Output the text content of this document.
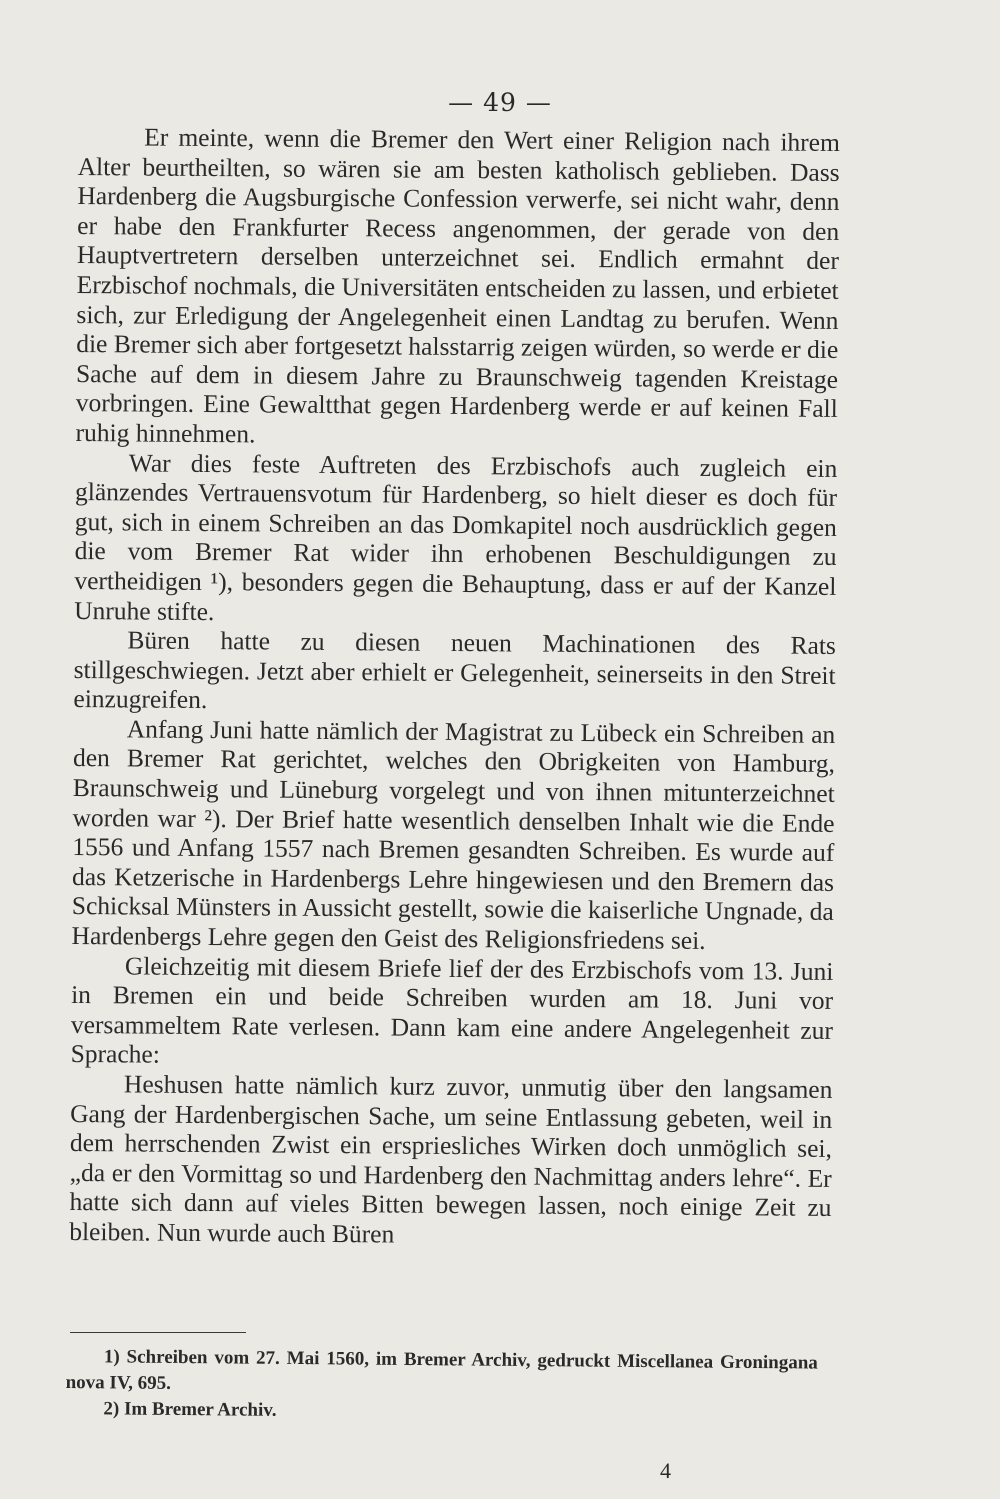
— 49 —

Er meinte, wenn die Bremer den Wert einer Religion nach ihrem Alter beurtheilten, so wären sie am besten katholisch geblieben. Dass Hardenberg die Augsburgische Confession verwerfe, sei nicht wahr, denn er habe den Frankfurter Recess angenommen, der gerade von den Hauptvertretern derselben unterzeichnet sei. Endlich ermahnt der Erzbischof nochmals, die Universitäten entscheiden zu lassen, und erbietet sich, zur Erledigung der Angelegenheit einen Landtag zu berufen. Wenn die Bremer sich aber fortgesetzt halsstarrig zeigen würden, so werde er die Sache auf dem in diesem Jahre zu Braunschweig tagenden Kreistage vorbringen. Eine Gewaltthat gegen Hardenberg werde er auf keinen Fall ruhig hinnehmen.

War dies feste Auftreten des Erzbischofs auch zugleich ein glänzendes Vertrauensvotum für Hardenberg, so hielt dieser es doch für gut, sich in einem Schreiben an das Domkapitel noch ausdrücklich gegen die vom Bremer Rat wider ihn erhobenen Beschuldigungen zu vertheidigen ¹), besonders gegen die Behauptung, dass er auf der Kanzel Unruhe stifte.

Büren hatte zu diesen neuen Machinationen des Rats stillgeschwiegen. Jetzt aber erhielt er Gelegenheit, seinerseits in den Streit einzugreifen.

Anfang Juni hatte nämlich der Magistrat zu Lübeck ein Schreiben an den Bremer Rat gerichtet, welches den Obrigkeiten von Hamburg, Braunschweig und Lüneburg vorgelegt und von ihnen mitunterzeichnet worden war ²). Der Brief hatte wesentlich denselben Inhalt wie die Ende 1556 und Anfang 1557 nach Bremen gesandten Schreiben. Es wurde auf das Ketzerische in Hardenbergs Lehre hingewiesen und den Bremern das Schicksal Münsters in Aussicht gestellt, sowie die kaiserliche Ungnade, da Hardenbergs Lehre gegen den Geist des Religionsfriedens sei.

Gleichzeitig mit diesem Briefe lief der des Erzbischofs vom 13. Juni in Bremen ein und beide Schreiben wurden am 18. Juni vor versammeltem Rate verlesen. Dann kam eine andere Angelegenheit zur Sprache:

Heshusen hatte nämlich kurz zuvor, unmutig über den langsamen Gang der Hardenbergischen Sache, um seine Entlassung gebeten, weil in dem herrschenden Zwist ein erspriesliches Wirken doch unmöglich sei, „da er den Vormittag so und Hardenberg den Nachmittag anders lehre“. Er hatte sich dann auf vieles Bitten bewegen lassen, noch einige Zeit zu bleiben. Nun wurde auch Büren

1) Schreiben vom 27. Mai 1560, im Bremer Archiv, gedruckt Miscellanea Groningana nova IV, 695.

2) Im Bremer Archiv.

4
